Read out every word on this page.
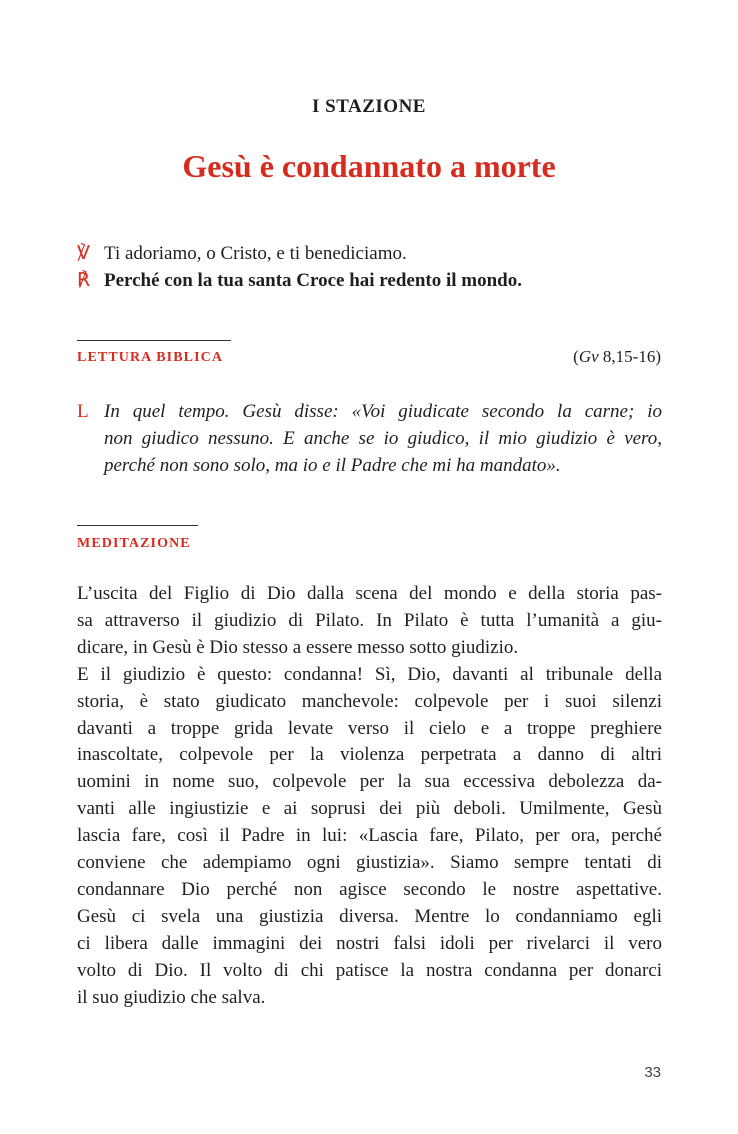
I STAZIONE
Gesù è condannato a morte
℣ Ti adoriamo, o Cristo, e ti benediciamo.
℟ Perché con la tua santa Croce hai redento il mondo.
LETTURA BIBLICA	(Gv 8,15-16)
L In quel tempo. Gesù disse: «Voi giudicate secondo la carne; io
non giudico nessuno. E anche se io giudico, il mio giudizio è vero,
perché non sono solo, ma io e il Padre che mi ha mandato».
MEDITAZIONE
L’uscita del Figlio di Dio dalla scena del mondo e della storia pas-
sa attraverso il giudizio di Pilato. In Pilato è tutta l’umanità a giu-
dicare, in Gesù è Dio stesso a essere messo sotto giudizio.
E il giudizio è questo: condanna! Sì, Dio, davanti al tribunale della
storia, è stato giudicato manchevole: colpevole per i suoi silenzi
davanti a troppe grida levate verso il cielo e a troppe preghiere
inascoltate, colpevole per la violenza perpetrata a danno di altri
uomini in nome suo, colpevole per la sua eccessiva debolezza da-
vanti alle ingiustizie e ai soprusi dei più deboli. Umilmente, Gesù
lascia fare, così il Padre in lui: «Lascia fare, Pilato, per ora, perché
conviene che adempiamo ogni giustizia». Siamo sempre tentati di
condannare Dio perché non agisce secondo le nostre aspettative.
Gesù ci svela una giustizia diversa. Mentre lo condanniamo egli
ci libera dalle immagini dei nostri falsi idoli per rivelarci il vero
volto di Dio. Il volto di chi patisce la nostra condanna per donarci
il suo giudizio che salva.
33
